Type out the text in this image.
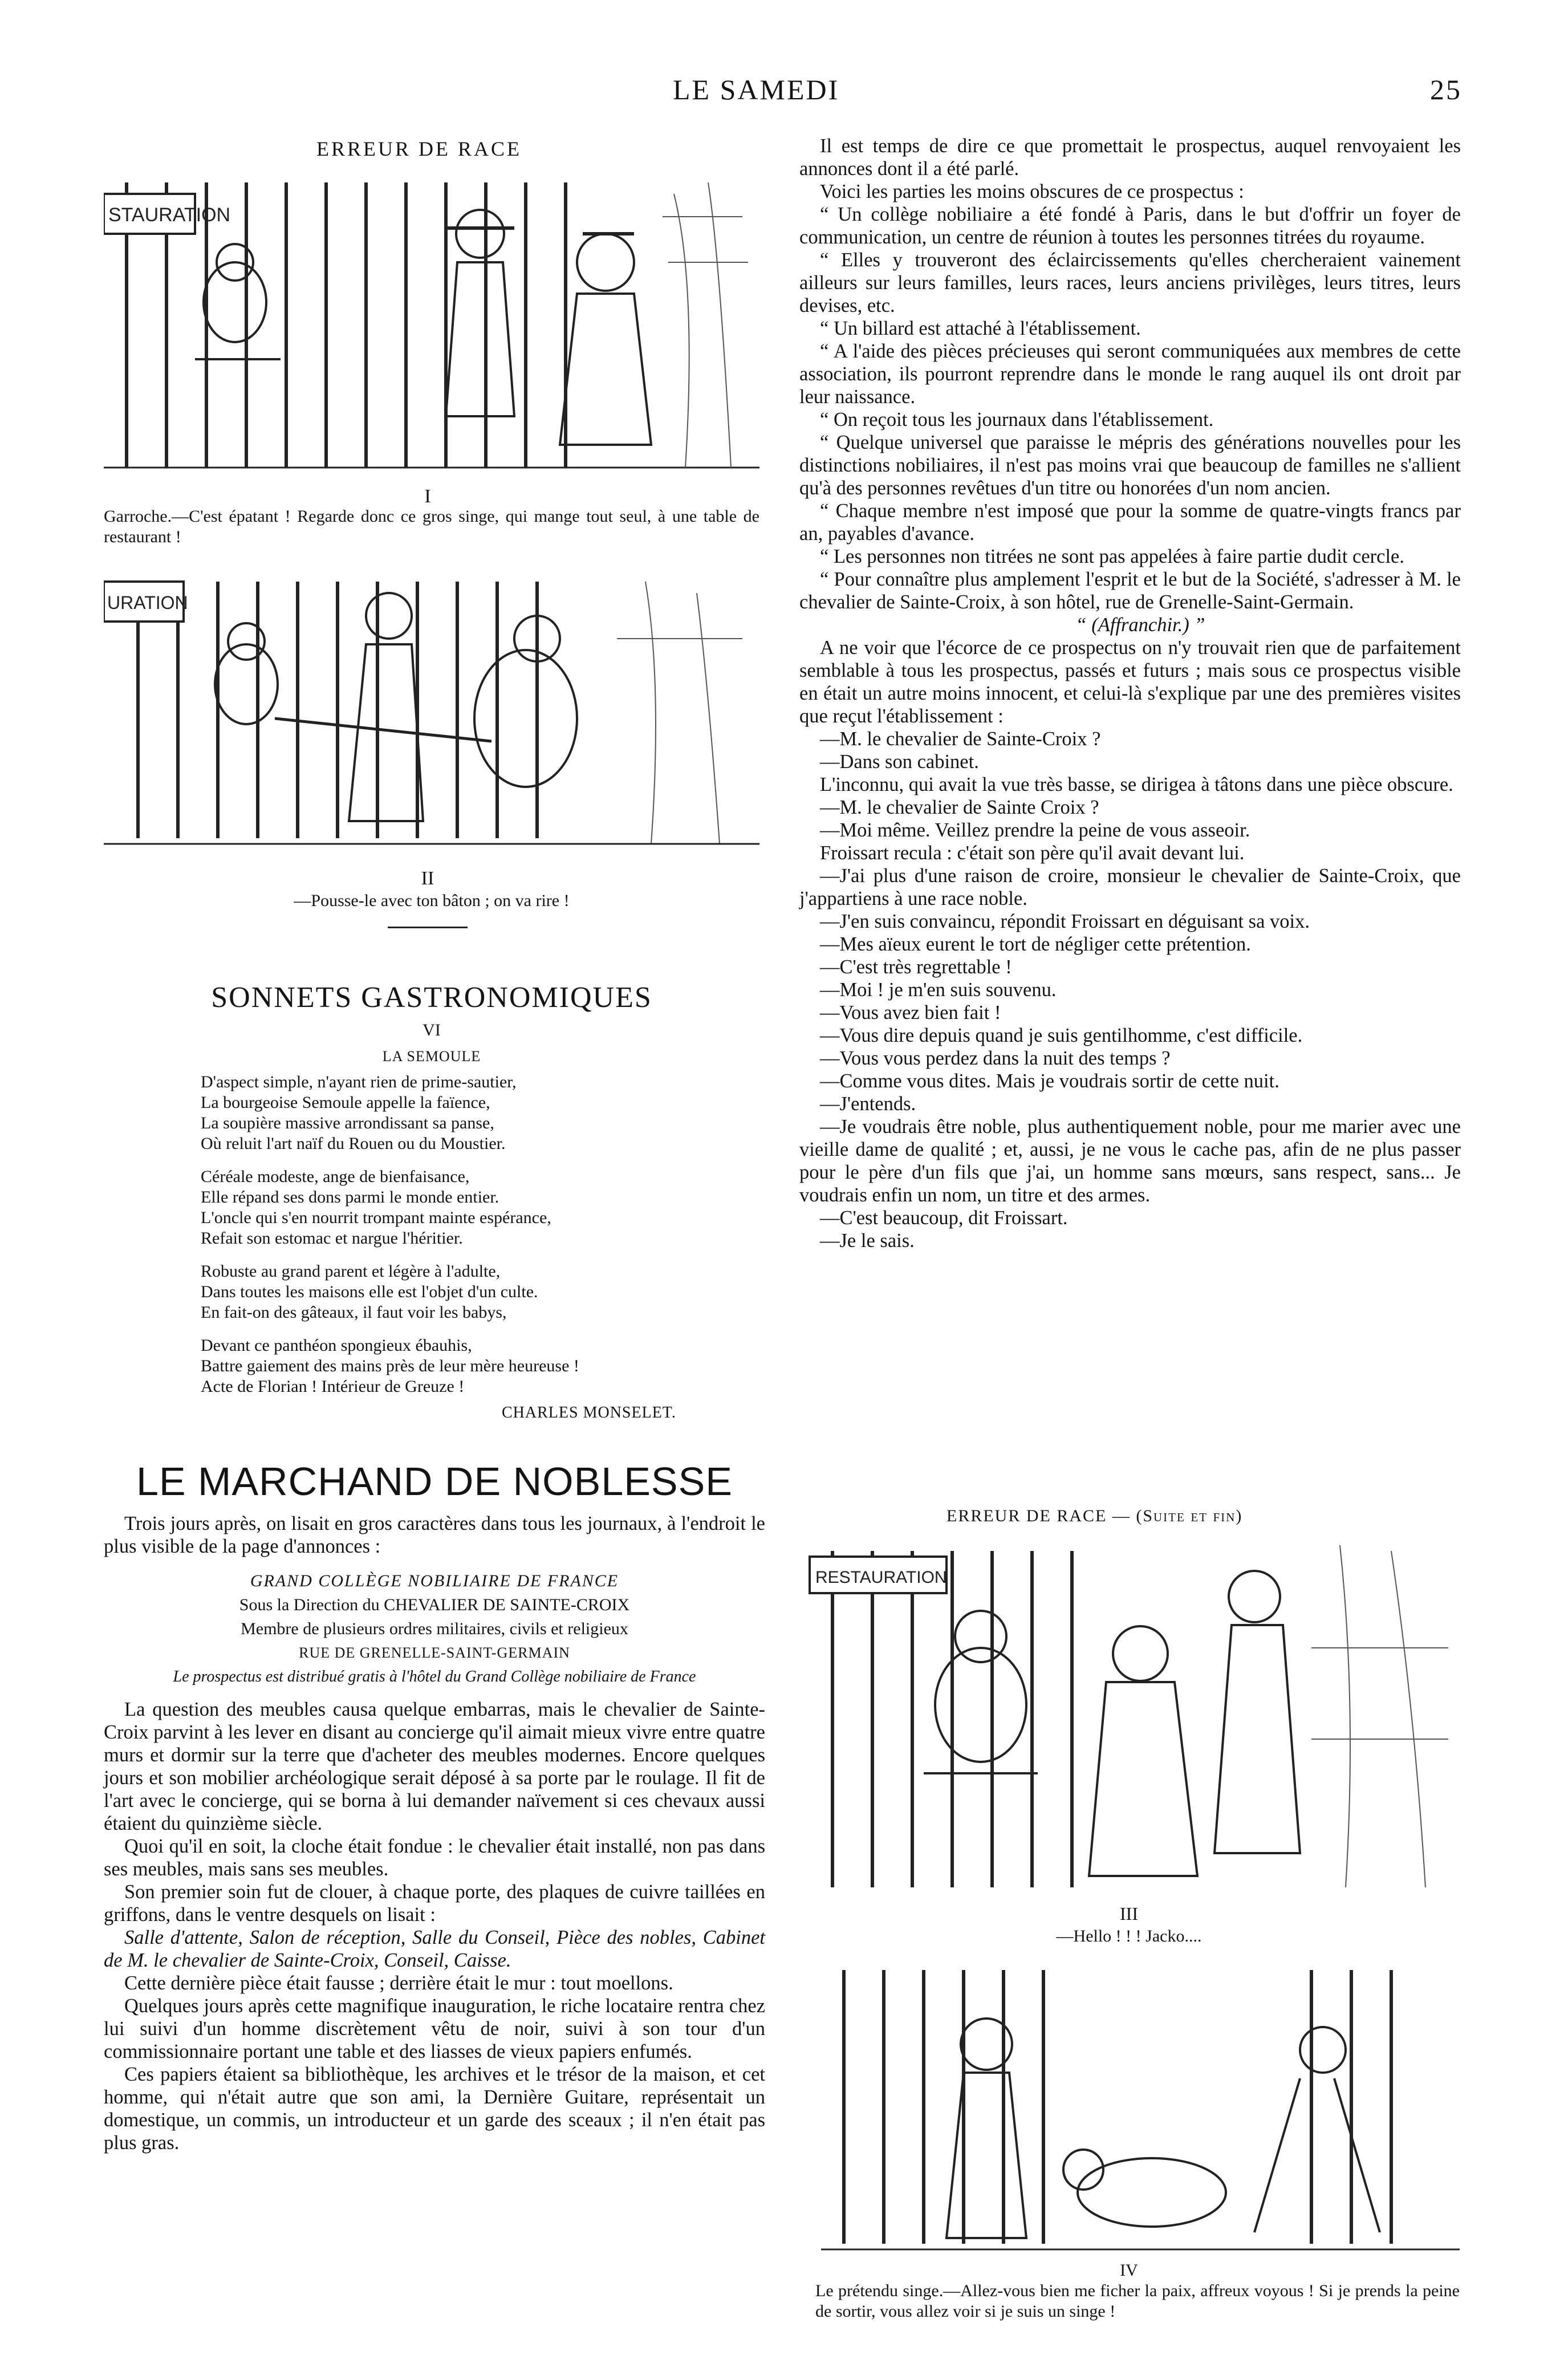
LE SAMEDI	25
ERREUR DE RACE
STAURATION
I
Garroche.—C'est épatant ! Regarde donc ce gros singe, qui mange tout seul, à une table de restaurant !
URATION
II
—Pousse-le avec ton bâton ; on va rire !
SONNETS GASTRONOMIQUES
VI
LA SEMOULE

D'aspect simple, n'ayant rien de prime-sautier,

La bourgeoise Semoule appelle la faïence,

La soupière massive arrondissant sa panse,

Où reluit l'art naïf du Rouen ou du Moustier.

Céréale modeste, ange de bienfaisance,

Elle répand ses dons parmi le monde entier.

L'oncle qui s'en nourrit trompant mainte espérance,

Refait son estomac et nargue l'héritier.

Robuste au grand parent et légère à l'adulte,

Dans toutes les maisons elle est l'objet d'un culte.

En fait-on des gâteaux, il faut voir les babys,

Devant ce panthéon spongieux ébauhis,

Battre gaiement des mains près de leur mère heureuse !

Acte de Florian ! Intérieur de Greuze !

CHARLES MONSELET.

Il est temps de dire ce que promettait le prospectus, auquel renvoyaient les annonces dont il a été parlé.

Voici les parties les moins obscures de ce prospectus :

“ Un collège nobiliaire a été fondé à Paris, dans le but d'offrir un foyer de communication, un centre de réunion à toutes les personnes titrées du royaume.

“ Elles y trouveront des éclaircissements qu'elles chercheraient vainement ailleurs sur leurs familles, leurs races, leurs anciens privilèges, leurs titres, leurs devises, etc.

“ Un billard est attaché à l'établissement.

“ A l'aide des pièces précieuses qui seront communiquées aux membres de cette association, ils pourront reprendre dans le monde le rang auquel ils ont droit par leur naissance.

“ On reçoit tous les journaux dans l'établissement.

“ Quelque universel que paraisse le mépris des générations nouvelles pour les distinctions nobiliaires, il n'est pas moins vrai que beaucoup de familles ne s'allient qu'à des personnes revêtues d'un titre ou honorées d'un nom ancien.

“ Chaque membre n'est imposé que pour la somme de quatre-vingts francs par an, payables d'avance.

“ Les personnes non titrées ne sont pas appelées à faire partie dudit cercle.

“ Pour connaître plus amplement l'esprit et le but de la Société, s'adresser à M. le chevalier de Sainte-Croix, à son hôtel, rue de Grenelle-Saint-Germain.

“ (Affranchir.) ”

A ne voir que l'écorce de ce prospectus on n'y trouvait rien que de parfaitement semblable à tous les prospectus, passés et futurs ; mais sous ce prospectus visible en était un autre moins innocent, et celui-là s'explique par une des premières visites que reçut l'établissement :

—M. le chevalier de Sainte-Croix ?

—Dans son cabinet.

L'inconnu, qui avait la vue très basse, se dirigea à tâtons dans une pièce obscure.

—M. le chevalier de Sainte Croix ?

—Moi même. Veillez prendre la peine de vous asseoir.

Froissart recula : c'était son père qu'il avait devant lui.

—J'ai plus d'une raison de croire, monsieur le chevalier de Sainte-Croix, que j'appartiens à une race noble.

—J'en suis convaincu, répondit Froissart en déguisant sa voix.

—Mes aïeux eurent le tort de négliger cette prétention.

—C'est très regrettable !

—Moi ! je m'en suis souvenu.

—Vous avez bien fait !

—Vous dire depuis quand je suis gentilhomme, c'est difficile.

—Vous vous perdez dans la nuit des temps ?

—Comme vous dites. Mais je voudrais sortir de cette nuit.

—J'entends.

—Je voudrais être noble, plus authentiquement noble, pour me marier avec une vieille dame de qualité ; et, aussi, je ne vous le cache pas, afin de ne plus passer pour le père d'un fils que j'ai, un homme sans mœurs, sans respect, sans... Je voudrais enfin un nom, un titre et des armes.

—C'est beaucoup, dit Froissart.

—Je le sais.

LE MARCHAND DE NOBLESSE

Trois jours après, on lisait en gros caractères dans tous les journaux, à l'endroit le plus visible de la page d'annonces :

GRAND COLLÈGE NOBILIAIRE DE FRANCE
Sous la Direction du CHEVALIER DE SAINTE-CROIX
Membre de plusieurs ordres militaires, civils et religieux
RUE DE GRENELLE-SAINT-GERMAIN
Le prospectus est distribué gratis à l'hôtel du Grand Collège nobiliaire de France

La question des meubles causa quelque embarras, mais le chevalier de Sainte-Croix parvint à les lever en disant au concierge qu'il aimait mieux vivre entre quatre murs et dormir sur la terre que d'acheter des meubles modernes. Encore quelques jours et son mobilier archéologique serait déposé à sa porte par le roulage. Il fit de l'art avec le concierge, qui se borna à lui demander naïvement si ces chevaux aussi étaient du quinzième siècle.

Quoi qu'il en soit, la cloche était fondue : le chevalier était installé, non pas dans ses meubles, mais sans ses meubles.

Son premier soin fut de clouer, à chaque porte, des plaques de cuivre taillées en griffons, dans le ventre desquels on lisait :

Salle d'attente, Salon de réception, Salle du Conseil, Pièce des nobles, Cabinet de M. le chevalier de Sainte-Croix, Conseil, Caisse.

Cette dernière pièce était fausse ; derrière était le mur : tout moellons.

Quelques jours après cette magnifique inauguration, le riche locataire rentra chez lui suivi d'un homme discrètement vêtu de noir, suivi à son tour d'un commissionnaire portant une table et des liasses de vieux papiers enfumés.

Ces papiers étaient sa bibliothèque, les archives et le trésor de la maison, et cet homme, qui n'était autre que son ami, la Dernière Guitare, représentait un domestique, un commis, un introducteur et un garde des sceaux ; il n'en était pas plus gras.

ERREUR DE RACE — (Suite et fin)
RESTAURATION
III
—Hello ! ! ! Jacko....
IV
Le prétendu singe.—Allez-vous bien me ficher la paix, affreux voyous ! Si je prends la peine de sortir, vous allez voir si je suis un singe !
